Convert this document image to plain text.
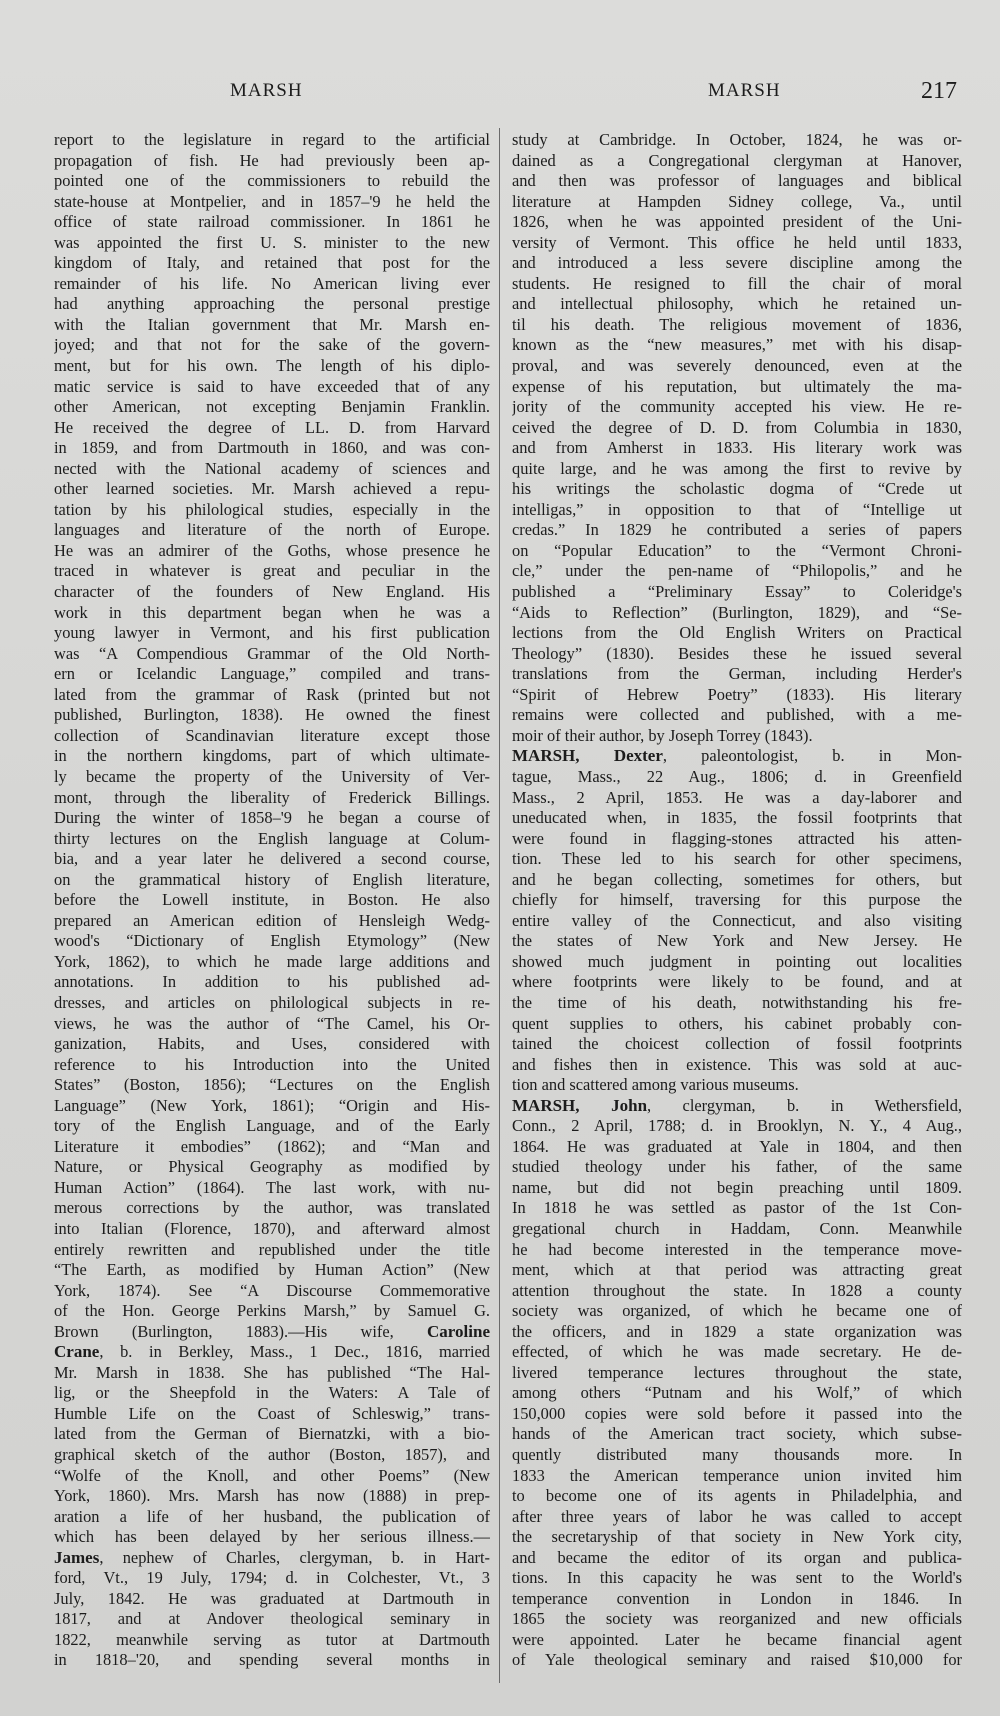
MARSH	MARSH	217
report to the legislature in regard to the artificial
propagation of fish. He had previously been ap-
pointed one of the commissioners to rebuild the
state-house at Montpelier, and in 1857–'9 he held the
office of state railroad commissioner. In 1861 he
was appointed the first U. S. minister to the new
kingdom of Italy, and retained that post for the
remainder of his life. No American living ever
had anything approaching the personal prestige
with the Italian government that Mr. Marsh en-
joyed; and that not for the sake of the govern-
ment, but for his own. The length of his diplo-
matic service is said to have exceeded that of any
other American, not excepting Benjamin Franklin.
He received the degree of LL. D. from Harvard
in 1859, and from Dartmouth in 1860, and was con-
nected with the National academy of sciences and
other learned societies. Mr. Marsh achieved a repu-
tation by his philological studies, especially in the
languages and literature of the north of Europe.
He was an admirer of the Goths, whose presence he
traced in whatever is great and peculiar in the
character of the founders of New England. His
work in this department began when he was a
young lawyer in Vermont, and his first publication
was “A Compendious Grammar of the Old North-
ern or Icelandic Language,” compiled and trans-
lated from the grammar of Rask (printed but not
published, Burlington, 1838). He owned the finest
collection of Scandinavian literature except those
in the northern kingdoms, part of which ultimate-
ly became the property of the University of Ver-
mont, through the liberality of Frederick Billings.
During the winter of 1858–'9 he began a course of
thirty lectures on the English language at Colum-
bia, and a year later he delivered a second course,
on the grammatical history of English literature,
before the Lowell institute, in Boston. He also
prepared an American edition of Hensleigh Wedg-
wood's “Dictionary of English Etymology” (New
York, 1862), to which he made large additions and
annotations. In addition to his published ad-
dresses, and articles on philological subjects in re-
views, he was the author of “The Camel, his Or-
ganization, Habits, and Uses, considered with
reference to his Introduction into the United
States” (Boston, 1856); “Lectures on the English
Language” (New York, 1861); “Origin and His-
tory of the English Language, and of the Early
Literature it embodies” (1862); and “Man and
Nature, or Physical Geography as modified by
Human Action” (1864). The last work, with nu-
merous corrections by the author, was translated
into Italian (Florence, 1870), and afterward almost
entirely rewritten and republished under the title
“The Earth, as modified by Human Action” (New
York, 1874). See “A Discourse Commemorative
of the Hon. George Perkins Marsh,” by Samuel G.
Brown (Burlington, 1883).—His wife, Caroline
Crane, b. in Berkley, Mass., 1 Dec., 1816, married
Mr. Marsh in 1838. She has published “The Hal-
lig, or the Sheepfold in the Waters: A Tale of
Humble Life on the Coast of Schleswig,” trans-
lated from the German of Biernatzki, with a bio-
graphical sketch of the author (Boston, 1857), and
“Wolfe of the Knoll, and other Poems” (New
York, 1860). Mrs. Marsh has now (1888) in prep-
aration a life of her husband, the publication of
which has been delayed by her serious illness.—
James, nephew of Charles, clergyman, b. in Hart-
ford, Vt., 19 July, 1794; d. in Colchester, Vt., 3
July, 1842. He was graduated at Dartmouth in
1817, and at Andover theological seminary in
1822, meanwhile serving as tutor at Dartmouth
in 1818–'20, and spending several months in
study at Cambridge. In October, 1824, he was or-
dained as a Congregational clergyman at Hanover,
and then was professor of languages and biblical
literature at Hampden Sidney college, Va., until
1826, when he was appointed president of the Uni-
versity of Vermont. This office he held until 1833,
and introduced a less severe discipline among the
students. He resigned to fill the chair of moral
and intellectual philosophy, which he retained un-
til his death. The religious movement of 1836,
known as the “new measures,” met with his disap-
proval, and was severely denounced, even at the
expense of his reputation, but ultimately the ma-
jority of the community accepted his view. He re-
ceived the degree of D. D. from Columbia in 1830,
and from Amherst in 1833. His literary work was
quite large, and he was among the first to revive by
his writings the scholastic dogma of “Crede ut
intelligas,” in opposition to that of “Intellige ut
credas.” In 1829 he contributed a series of papers
on “Popular Education” to the “Vermont Chroni-
cle,” under the pen-name of “Philopolis,” and he
published a “Preliminary Essay” to Coleridge's
“Aids to Reflection” (Burlington, 1829), and “Se-
lections from the Old English Writers on Practical
Theology” (1830). Besides these he issued several
translations from the German, including Herder's
“Spirit of Hebrew Poetry” (1833). His literary
remains were collected and published, with a me-
moir of their author, by Joseph Torrey (1843).
MARSH, Dexter, paleontologist, b. in Mon-
tague, Mass., 22 Aug., 1806; d. in Greenfield
Mass., 2 April, 1853. He was a day-laborer and
uneducated when, in 1835, the fossil footprints that
were found in flagging-stones attracted his atten-
tion. These led to his search for other specimens,
and he began collecting, sometimes for others, but
chiefly for himself, traversing for this purpose the
entire valley of the Connecticut, and also visiting
the states of New York and New Jersey. He
showed much judgment in pointing out localities
where footprints were likely to be found, and at
the time of his death, notwithstanding his fre-
quent supplies to others, his cabinet probably con-
tained the choicest collection of fossil footprints
and fishes then in existence. This was sold at auc-
tion and scattered among various museums.
MARSH, John, clergyman, b. in Wethersfield,
Conn., 2 April, 1788; d. in Brooklyn, N. Y., 4 Aug.,
1864. He was graduated at Yale in 1804, and then
studied theology under his father, of the same
name, but did not begin preaching until 1809.
In 1818 he was settled as pastor of the 1st Con-
gregational church in Haddam, Conn. Meanwhile
he had become interested in the temperance move-
ment, which at that period was attracting great
attention throughout the state. In 1828 a county
society was organized, of which he became one of
the officers, and in 1829 a state organization was
effected, of which he was made secretary. He de-
livered temperance lectures throughout the state,
among others “Putnam and his Wolf,” of which
150,000 copies were sold before it passed into the
hands of the American tract society, which subse-
quently distributed many thousands more. In
1833 the American temperance union invited him
to become one of its agents in Philadelphia, and
after three years of labor he was called to accept
the secretaryship of that society in New York city,
and became the editor of its organ and publica-
tions. In this capacity he was sent to the World's
temperance convention in London in 1846. In
1865 the society was reorganized and new officials
were appointed. Later he became financial agent
of Yale theological seminary and raised $10,000 for
